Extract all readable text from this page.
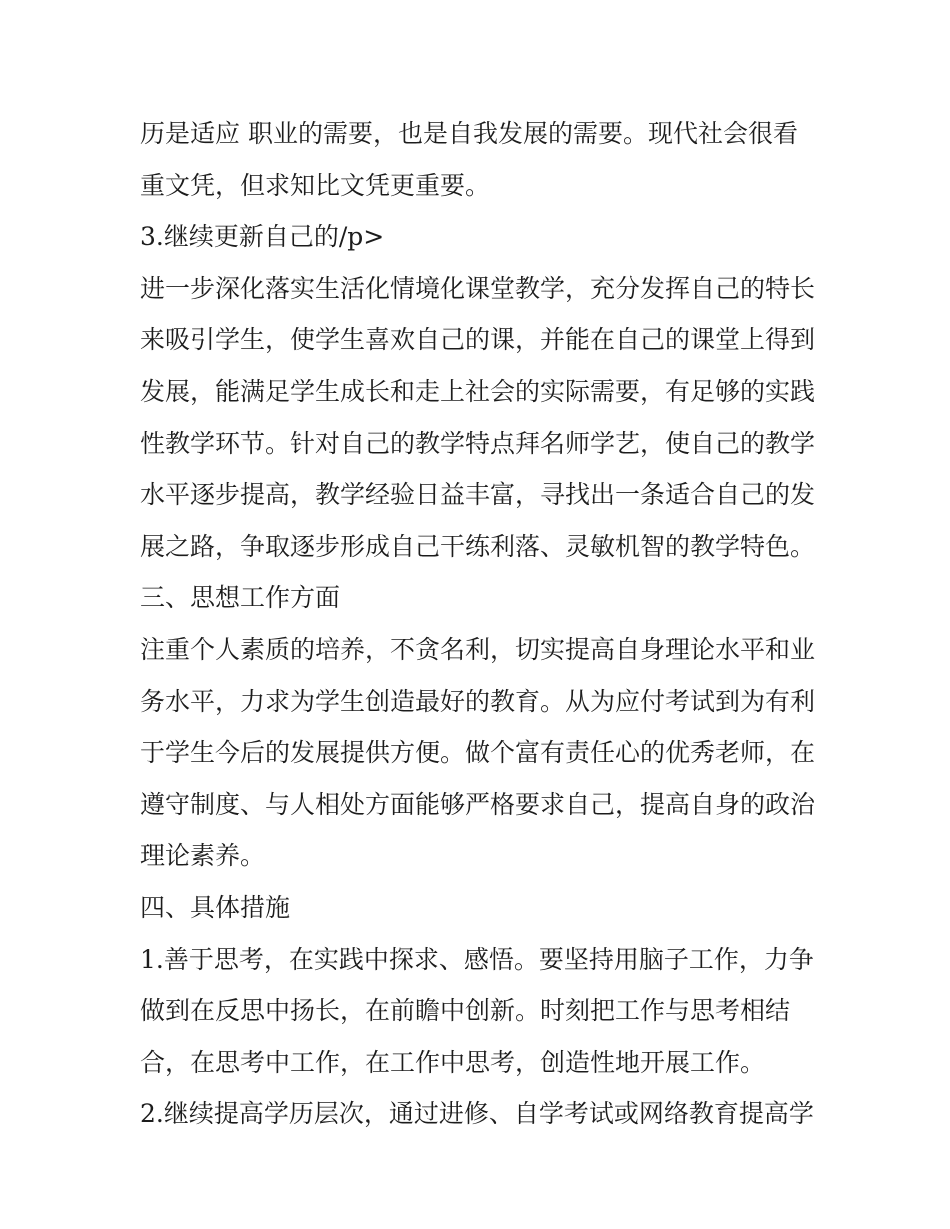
历是适应 职业的需要，也是自我发展的需要。现代社会很看
重文凭，但求知比文凭更重要。
3.继续更新自己的/p>
进一步深化落实生活化情境化课堂教学，充分发挥自己的特长
来吸引学生，使学生喜欢自己的课，并能在自己的课堂上得到
发展，能满足学生成长和走上社会的实际需要，有足够的实践
性教学环节。针对自己的教学特点拜名师学艺，使自己的教学
水平逐步提高，教学经验日益丰富，寻找出一条适合自己的发
展之路，争取逐步形成自己干练利落、灵敏机智的教学特色。
三、思想工作方面
注重个人素质的培养，不贪名利，切实提高自身理论水平和业
务水平，力求为学生创造最好的教育。从为应付考试到为有利
于学生今后的发展提供方便。做个富有责任心的优秀老师，在
遵守制度、与人相处方面能够严格要求自己，提高自身的政治
理论素养。
四、具体措施
1.善于思考，在实践中探求、感悟。要坚持用脑子工作，力争
做到在反思中扬长，在前瞻中创新。时刻把工作与思考相结
合，在思考中工作，在工作中思考，创造性地开展工作。
2.继续提高学历层次，通过进修、自学考试或网络教育提高学
